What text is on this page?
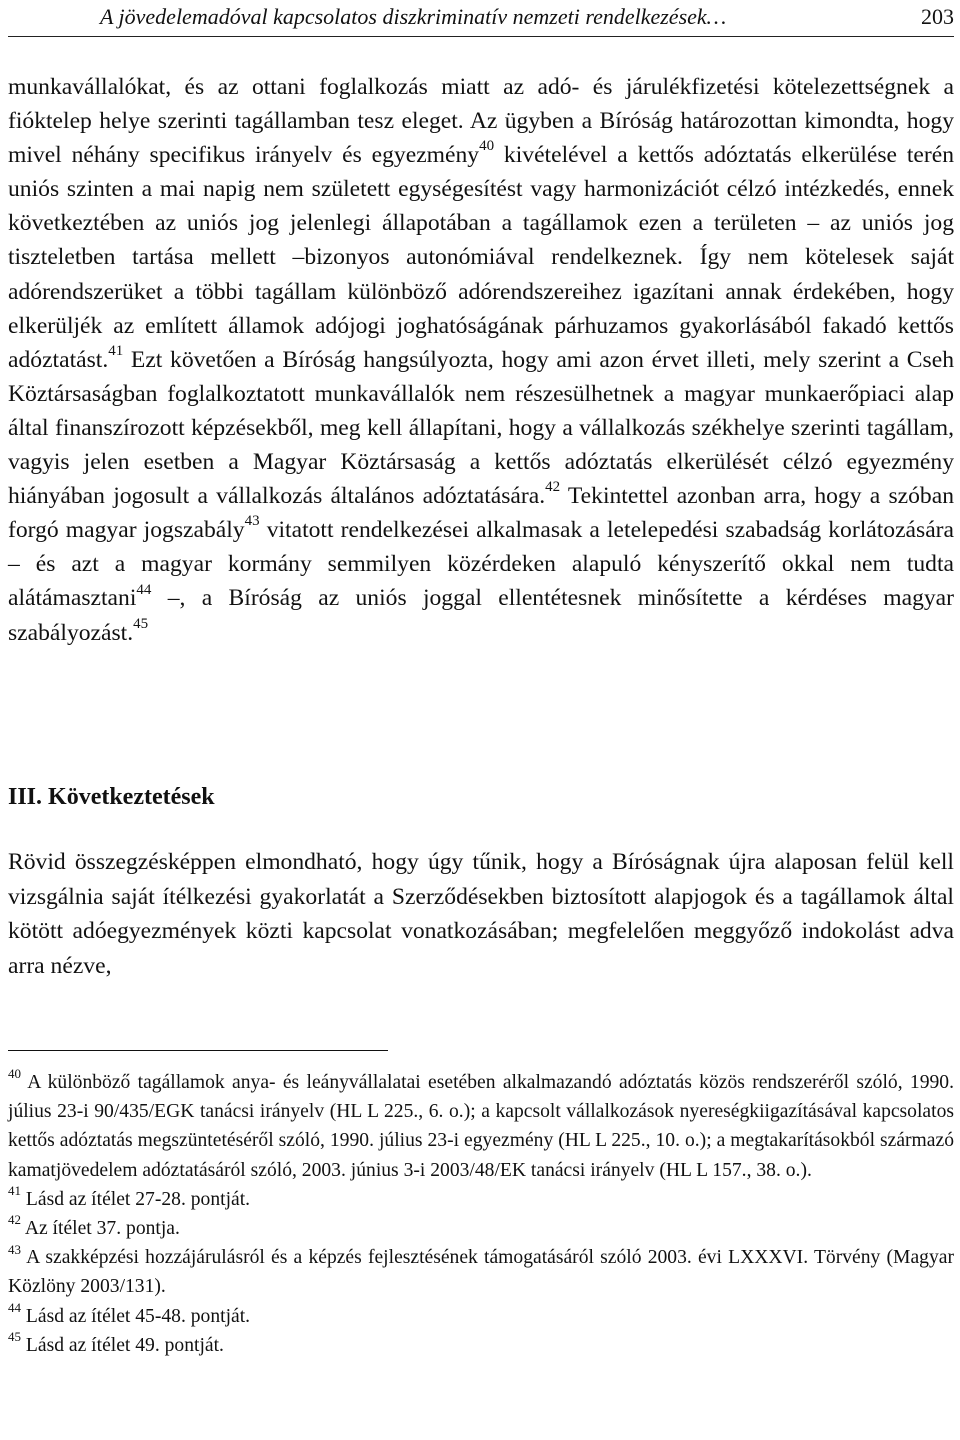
A jövedelemadóval kapcsolatos diszkriminatív nemzeti rendelkezések…	203

munkavállalókat, és az ottani foglalkozás miatt az adó- és járulékfizetési kötelezettségnek a fióktelep helye szerinti tagállamban tesz eleget. Az ügyben a Bíróság határozottan kimondta, hogy mivel néhány specifikus irányelv és egyezmény$^{40}$ kivételével a kettős adóztatás elkerülése terén uniós szinten a mai napig nem született egységesítést vagy harmonizációt célzó intézkedés, ennek következtében az uniós jog jelenlegi állapotában a tagállamok ezen a területen – az uniós jog tiszteletben tartása mellett –bizonyos autonómiával rendelkeznek. Így nem kötelesek saját adórendszerüket a többi tagállam különböző adórendszereihez igazítani annak érdekében, hogy elkerüljék az említett államok adójogi joghatóságának párhuzamos gyakorlásából fakadó kettős adóztatást.$^{41}$ Ezt követően a Bíróság hangsúlyozta, hogy ami azon érvet illeti, mely szerint a Cseh Köztársaságban foglalkoztatott munkavállalók nem részesülhetnek a magyar munkaerőpiaci alap által finanszírozott képzésekből, meg kell állapítani, hogy a vállalkozás székhelye szerinti tagállam, vagyis jelen esetben a Magyar Köztársaság a kettős adóztatás elkerülését célzó egyezmény hiányában jogosult a vállalkozás általános adóztatására.$^{42}$ Tekintettel azonban arra, hogy a szóban forgó magyar jogszabály$^{43}$ vitatott rendelkezései alkalmasak a letelepedési szabadság korlátozására – és azt a magyar kormány semmilyen közérdeken alapuló kényszerítő okkal nem tudta alátámasztani$^{44}$ –, a Bíróság az uniós joggal ellentétesnek minősítette a kérdéses magyar szabályozást.$^{45}$

III. Következtetések

Rövid összegzésképpen elmondható, hogy úgy tűnik, hogy a Bíróságnak újra alaposan felül kell vizsgálnia saját ítélkezési gyakorlatát a Szerződésekben biztosított alapjogok és a tagállamok által kötött adóegyezmények közti kapcsolat vonatkozásában; megfelelően meggyőző indokolást adva arra nézve,

$^{40}$ A különböző tagállamok anya- és leányvállalatai esetében alkalmazandó adóztatás közös rendszeréről szóló, 1990. július 23-i 90/435/EGK tanácsi irányelv (HL L 225., 6. o.); a kapcsolt vállalkozások nyereségkiigazításával kapcsolatos kettős adóztatás megszüntetéséről szóló, 1990. július 23-i egyezmény (HL L 225., 10. o.); a megtakarításokból származó kamatjövedelem adóztatásáról szóló, 2003. június 3-i 2003/48/EK tanácsi irányelv (HL L 157., 38. o.).

$^{41}$ Lásd az ítélet 27-28. pontját.

$^{42}$ Az ítélet 37. pontja.

$^{43}$ A szakképzési hozzájárulásról és a képzés fejlesztésének támogatásáról szóló 2003. évi LXXXVI. Törvény (Magyar Közlöny 2003/131).

$^{44}$ Lásd az ítélet 45-48. pontját.

$^{45}$ Lásd az ítélet 49. pontját.
